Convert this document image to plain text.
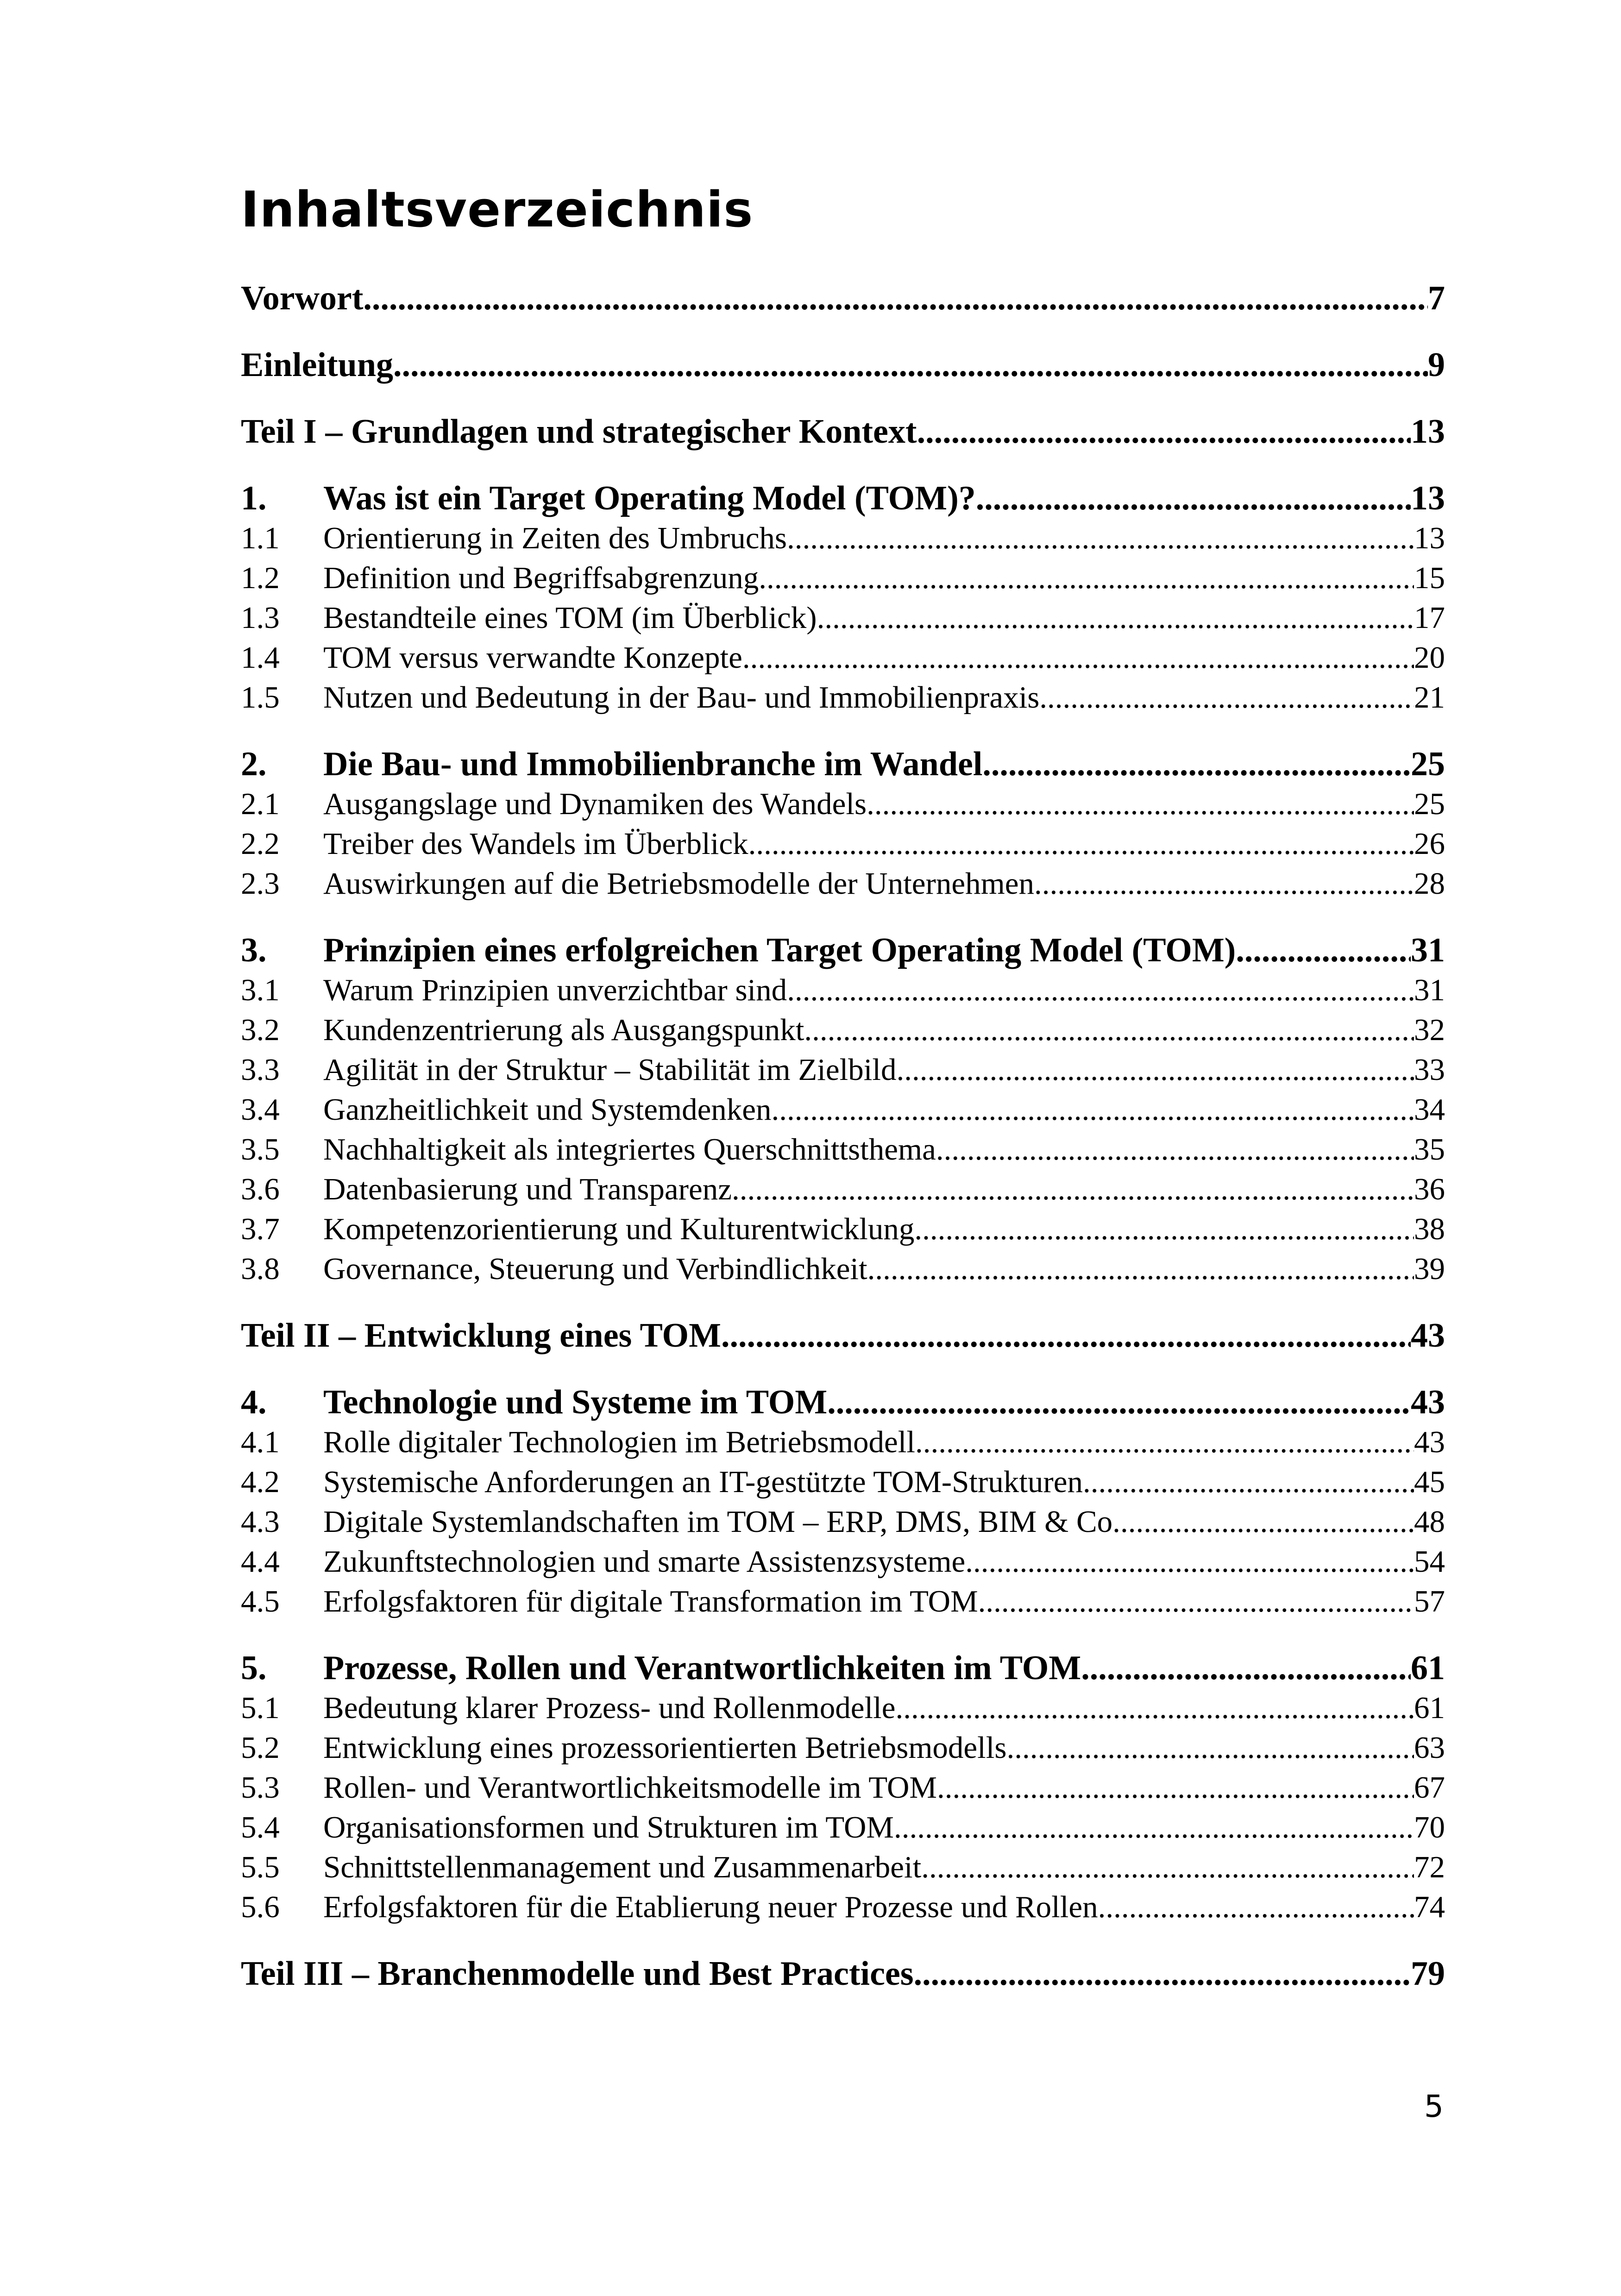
Inhaltsverzeichnis
Vorwort .....	7
Einleitung .....	9
Teil I – Grundlagen und strategischer Kontext .....	13
1.	Was ist ein Target Operating Model (TOM)? .....	13
1.1	Orientierung in Zeiten des Umbruchs .....	13
1.2	Definition und Begriffsabgrenzung .....	15
1.3	Bestandteile eines TOM (im Überblick) .....	17
1.4	TOM versus verwandte Konzepte .....	20
1.5	Nutzen und Bedeutung in der Bau- und Immobilienpraxis .....	21
2.	Die Bau- und Immobilienbranche im Wandel .....	25
2.1	Ausgangslage und Dynamiken des Wandels .....	25
2.2	Treiber des Wandels im Überblick .....	26
2.3	Auswirkungen auf die Betriebsmodelle der Unternehmen .....	28
3.	Prinzipien eines erfolgreichen Target Operating Model (TOM) .....	31
3.1	Warum Prinzipien unverzichtbar sind .....	31
3.2	Kundenzentrierung als Ausgangspunkt .....	32
3.3	Agilität in der Struktur – Stabilität im Zielbild .....	33
3.4	Ganzheitlichkeit und Systemdenken .....	34
3.5	Nachhaltigkeit als integriertes Querschnittsthema .....	35
3.6	Datenbasierung und Transparenz .....	36
3.7	Kompetenzorientierung und Kulturentwicklung .....	38
3.8	Governance, Steuerung und Verbindlichkeit .....	39
Teil II – Entwicklung eines TOM .....	43
4.	Technologie und Systeme im TOM .....	43
4.1	Rolle digitaler Technologien im Betriebsmodell .....	43
4.2	Systemische Anforderungen an IT-gestützte TOM-Strukturen .....	45
4.3	Digitale Systemlandschaften im TOM – ERP, DMS, BIM & Co. .....	48
4.4	Zukunftstechnologien und smarte Assistenzsysteme .....	54
4.5	Erfolgsfaktoren für digitale Transformation im TOM .....	57
5.	Prozesse, Rollen und Verantwortlichkeiten im TOM .....	61
5.1	Bedeutung klarer Prozess- und Rollenmodelle .....	61
5.2	Entwicklung eines prozessorientierten Betriebsmodells .....	63
5.3	Rollen- und Verantwortlichkeitsmodelle im TOM .....	67
5.4	Organisationsformen und Strukturen im TOM .....	70
5.5	Schnittstellenmanagement und Zusammenarbeit .....	72
5.6	Erfolgsfaktoren für die Etablierung neuer Prozesse und Rollen .....	74
Teil III – Branchenmodelle und Best Practices .....	79
5
